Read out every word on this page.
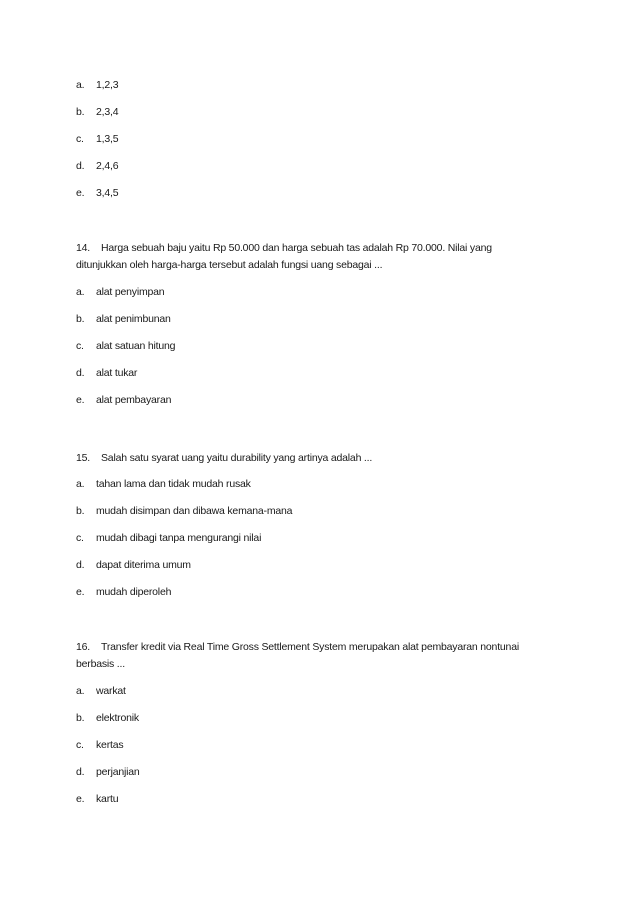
a. 1,2,3
b. 2,3,4
c. 1,3,5
d. 2,4,6
e. 3,4,5
14. Harga sebuah baju yaitu Rp 50.000 dan harga sebuah tas adalah Rp 70.000. Nilai yang
ditunjukkan oleh harga-harga tersebut adalah fungsi uang sebagai ...
a. alat penyimpan
b. alat penimbunan
c. alat satuan hitung
d. alat tukar
e. alat pembayaran
15. Salah satu syarat uang yaitu durability yang artinya adalah ...
a. tahan lama dan tidak mudah rusak
b. mudah disimpan dan dibawa kemana-mana
c. mudah dibagi tanpa mengurangi nilai
d. dapat diterima umum
e. mudah diperoleh
16. Transfer kredit via Real Time Gross Settlement System merupakan alat pembayaran nontunai
berbasis ...
a. warkat
b. elektronik
c. kertas
d. perjanjian
e. kartu
